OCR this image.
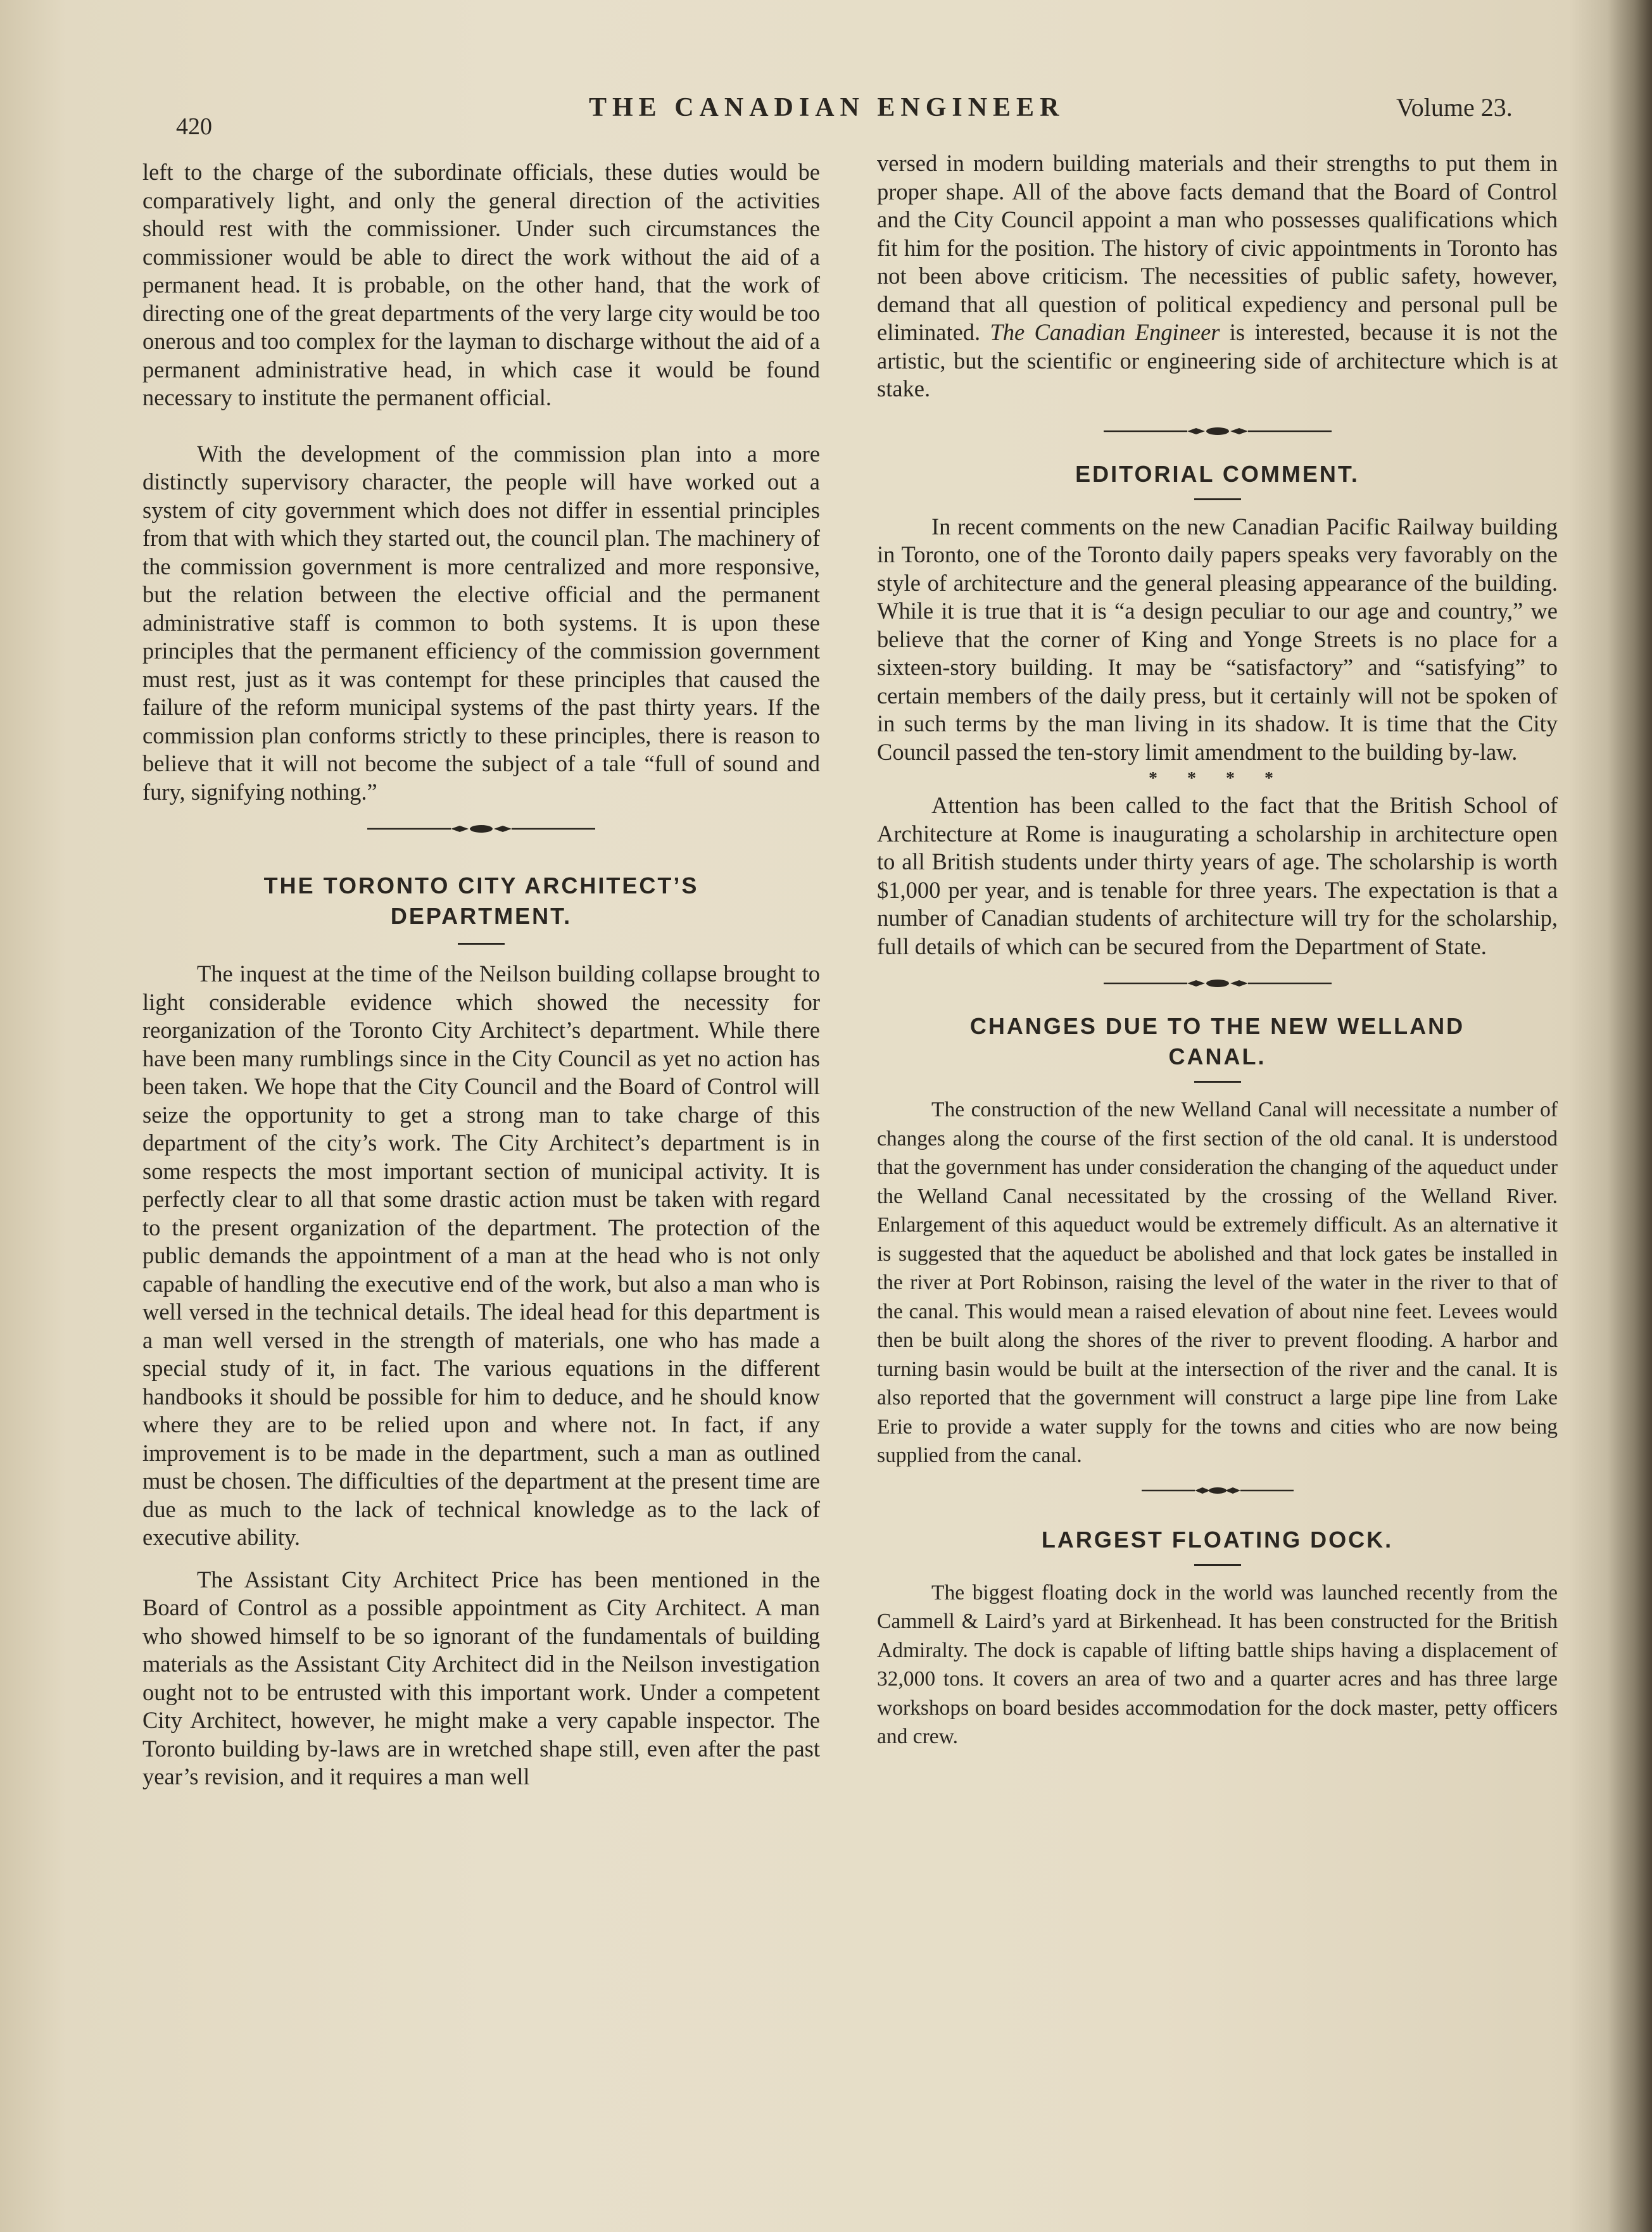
420
THE CANADIAN ENGINEER	Volume 23.

left to the charge of the subordinate officials, these duties would be comparatively light, and only the general direction of the activities should rest with the commissioner. Under such circumstances the commissioner would be able to direct the work without the aid of a permanent head. It is probable, on the other hand, that the work of directing one of the great departments of the very large city would be too onerous and too complex for the layman to discharge without the aid of a permanent administrative head, in which case it would be found necessary to institute the permanent official.

With the development of the commission plan into a more distinctly supervisory character, the people will have worked out a system of city government which does not differ in essential principles from that with which they started out, the council plan. The machinery of the commission government is more centralized and more responsive, but the relation between the elective official and the permanent administrative staff is common to both systems. It is upon these principles that the permanent efficiency of the commission government must rest, just as it was contempt for these principles that caused the failure of the reform municipal systems of the past thirty years. If the commission plan conforms strictly to these principles, there is reason to believe that it will not become the subject of a tale “full of sound and fury, signifying nothing.”

THE TORONTO CITY ARCHITECT’S
DEPARTMENT.

The inquest at the time of the Neilson building collapse brought to light considerable evidence which showed the necessity for reorganization of the Toronto City Architect’s department. While there have been many rumblings since in the City Council as yet no action has been taken. We hope that the City Council and the Board of Control will seize the opportunity to get a strong man to take charge of this department of the city’s work. The City Architect’s department is in some respects the most important section of municipal activity. It is perfectly clear to all that some drastic action must be taken with regard to the present organization of the department. The protection of the public demands the appointment of a man at the head who is not only capable of handling the executive end of the work, but also a man who is well versed in the technical details. The ideal head for this department is a man well versed in the strength of materials, one who has made a special study of it, in fact. The various equations in the different handbooks it should be possible for him to deduce, and he should know where they are to be relied upon and where not. In fact, if any improvement is to be made in the department, such a man as outlined must be chosen. The difficulties of the department at the present time are due as much to the lack of technical knowledge as to the lack of executive ability.

The Assistant City Architect Price has been mentioned in the Board of Control as a possible appointment as City Architect. A man who showed himself to be so ignorant of the fundamentals of building materials as the Assistant City Architect did in the Neilson investigation ought not to be entrusted with this important work. Under a competent City Architect, however, he might make a very capable inspector. The Toronto building by-laws are in wretched shape still, even after the past year’s revision, and it requires a man well

versed in modern building materials and their strengths to put them in proper shape. All of the above facts demand that the Board of Control and the City Council appoint a man who possesses qualifications which fit him for the position. The history of civic appointments in Toronto has not been above criticism. The necessities of public safety, however, demand that all question of political expediency and personal pull be eliminated. The Canadian Engineer is interested, because it is not the artistic, but the scientific or engineering side of architecture which is at stake.

EDITORIAL COMMENT.

In recent comments on the new Canadian Pacific Railway building in Toronto, one of the Toronto daily papers speaks very favorably on the style of architecture and the general pleasing appearance of the building. While it is true that it is “a design peculiar to our age and country,” we believe that the corner of King and Yonge Streets is no place for a sixteen-story building. It may be “satisfactory” and “satisfying” to certain members of the daily press, but it certainly will not be spoken of in such terms by the man living in its shadow. It is time that the City Council passed the ten-story limit amendment to the building by-law.

* * * *

Attention has been called to the fact that the British School of Architecture at Rome is inaugurating a scholarship in architecture open to all British students under thirty years of age. The scholarship is worth $1,000 per year, and is tenable for three years. The expectation is that a number of Canadian students of architecture will try for the scholarship, full details of which can be secured from the Department of State.

CHANGES DUE TO THE NEW WELLAND
CANAL.

The construction of the new Welland Canal will necessitate a number of changes along the course of the first section of the old canal. It is understood that the government has under consideration the changing of the aqueduct under the Welland Canal necessitated by the crossing of the Welland River. Enlargement of this aqueduct would be extremely difficult. As an alternative it is suggested that the aqueduct be abolished and that lock gates be installed in the river at Port Robinson, raising the level of the water in the river to that of the canal. This would mean a raised elevation of about nine feet. Levees would then be built along the shores of the river to prevent flooding. A harbor and turning basin would be built at the intersection of the river and the canal. It is also reported that the government will construct a large pipe line from Lake Erie to provide a water supply for the towns and cities who are now being supplied from the canal.

LARGEST FLOATING DOCK.

The biggest floating dock in the world was launched recently from the Cammell & Laird’s yard at Birkenhead. It has been constructed for the British Admiralty. The dock is capable of lifting battle ships having a displacement of 32,000 tons. It covers an area of two and a quarter acres and has three large workshops on board besides accommodation for the dock master, petty officers and crew.
